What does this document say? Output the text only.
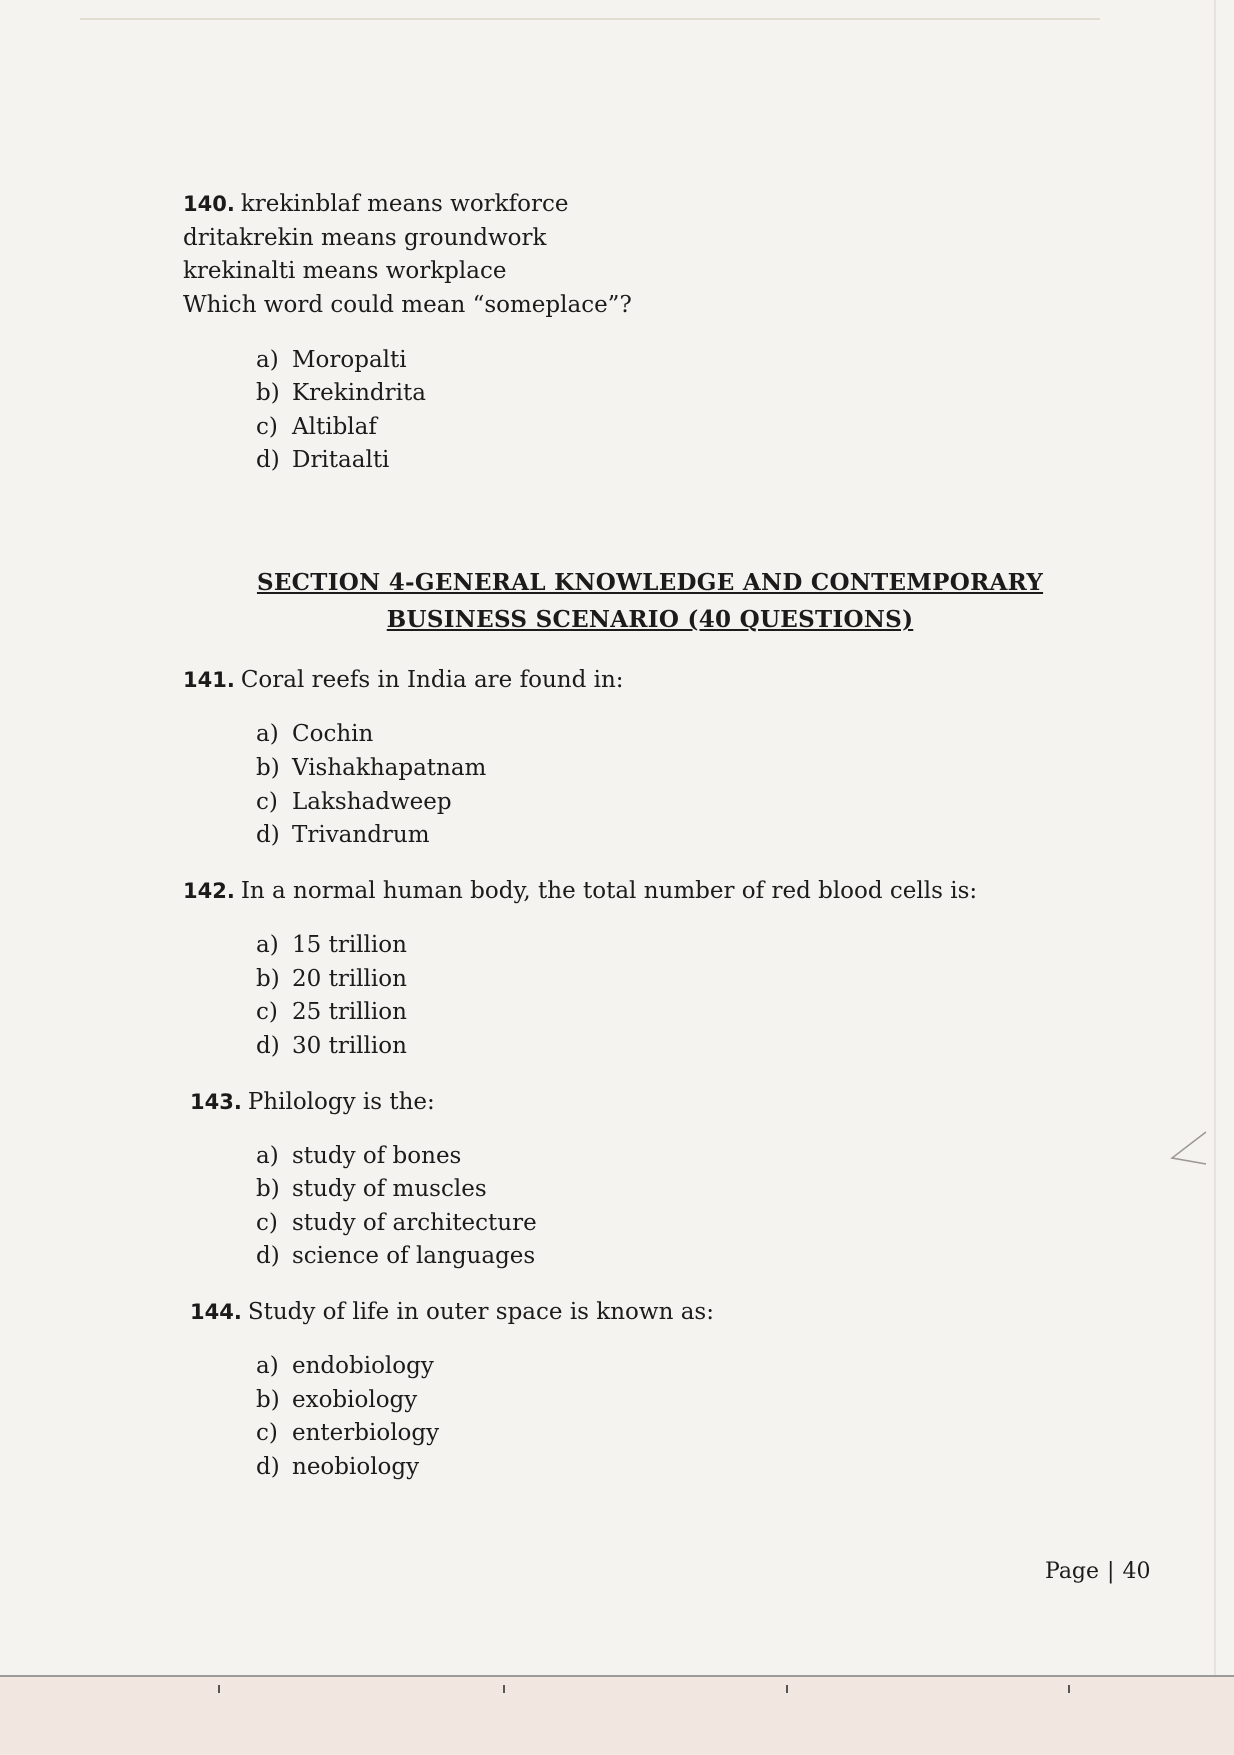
140. krekinblaf means workforce
dritakrekin means groundwork
krekinalti means workplace
Which word could mean “someplace”?
a) Moropalti
b) Krekindrita
c) Altiblaf
d) Dritaalti
SECTION 4-GENERAL KNOWLEDGE AND CONTEMPORARY
BUSINESS SCENARIO (40 QUESTIONS)
141. Coral reefs in India are found in:
a) Cochin
b) Vishakhapatnam
c) Lakshadweep
d) Trivandrum
142. In a normal human body, the total number of red blood cells is:
a) 15 trillion
b) 20 trillion
c) 25 trillion
d) 30 trillion
143. Philology is the:
a) study of bones
b) study of muscles
c) study of architecture
d) science of languages
144. Study of life in outer space is known as:
a) endobiology
b) exobiology
c) enterbiology
d) neobiology
Page | 40
